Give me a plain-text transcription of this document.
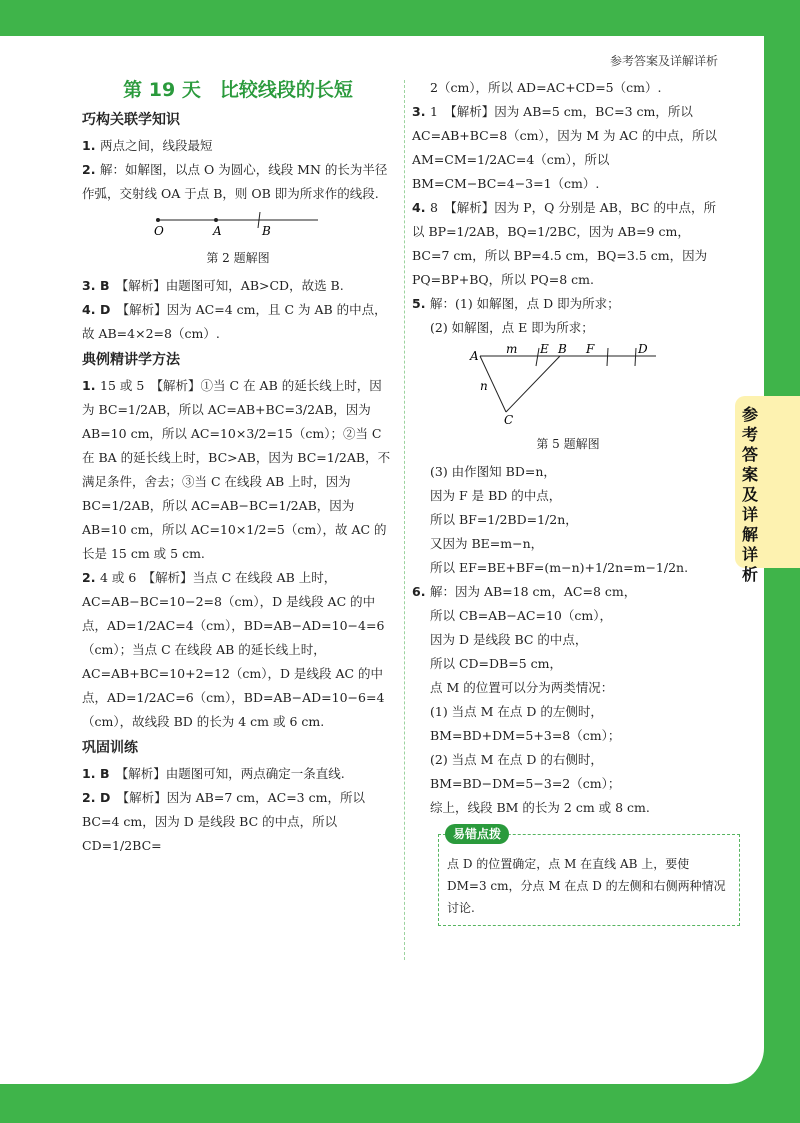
参考答案及详解详析
参考答案及详解详析
第 19 天　比较线段的长短
巧构关联学知识

1. 两点之间，线段最短

2. 解：如解图，以点 O 为圆心，线段 MN 的长为半径作弧，交射线 OA 于点 B，则 OB 即为所求作的线段.

O	A	B
第 2 题解图

3. B　 【解析】由题图可知，AB>CD，故选 B.

4. D　 【解析】因为 AC=4 cm，且 C 为 AB 的中点，故 AB=4×2=8（cm）.

典例精讲学方法

1. 15 或 5　【解析】①当 C 在 AB 的延长线上时，因为 BC=1/2AB，所以 AC=AB+BC=3/2AB，因为 AB=10 cm，所以 AC=10×3/2=15（cm）；②当 C 在 BA 的延长线上时，BC>AB，因为 BC=1/2AB，不满足条件，舍去；③当 C 在线段 AB 上时，因为 BC=1/2AB，所以 AC=AB−BC=1/2AB，因为 AB=10 cm，所以 AC=10×1/2=5（cm），故 AC 的长是 15 cm 或 5 cm.

2. 4 或 6　【解析】当点 C 在线段 AB 上时，AC=AB−BC=10−2=8（cm），D 是线段 AC 的中点，AD=1/2AC=4（cm），BD=AB−AD=10−4=6（cm）；当点 C 在线段 AB 的延长线上时，AC=AB+BC=10+2=12（cm），D 是线段 AC 的中点，AD=1/2AC=6（cm），BD=AB−AD=10−6=4（cm），故线段 BD 的长为 4 cm 或 6 cm.

巩固训练

1. B　 【解析】由题图可知，两点确定一条直线.

2. D　 【解析】因为 AB=7 cm，AC=3 cm，所以 BC=4 cm，因为 D 是线段 BC 的中点，所以 CD=1/2BC=

2（cm），所以 AD=AC+CD=5（cm）.

3. 1　【解析】因为 AB=5 cm，BC=3 cm，所以 AC=AB+BC=8（cm），因为 M 为 AC 的中点，所以 AM=CM=1/2AC=4（cm），所以 BM=CM−BC=4−3=1（cm）.

4. 8　【解析】因为 P，Q 分别是 AB，BC 的中点，所以 BP=1/2AB，BQ=1/2BC，因为 AB=9 cm，BC=7 cm，所以 BP=4.5 cm，BQ=3.5 cm，因为 PQ=BP+BQ，所以 PQ=8 cm.

5. 解：(1) 如解图，点 D 即为所求；

(2) 如解图，点 E 即为所求；

A m E B F	D
n
C
第 5 题解图

(3) 由作图知 BD=n，

因为 F 是 BD 的中点，

所以 BF=1/2BD=1/2n，

又因为 BE=m−n，

所以 EF=BE+BF=(m−n)+1/2n=m−1/2n.

6. 解：因为 AB=18 cm，AC=8 cm，

所以 CB=AB−AC=10（cm），

因为 D 是线段 BC 的中点，

所以 CD=DB=5 cm，

点 M 的位置可以分为两类情况：

(1) 当点 M 在点 D 的左侧时，

BM=BD+DM=5+3=8（cm）；

(2) 当点 M 在点 D 的右侧时，

BM=BD−DM=5−3=2（cm）；

综上，线段 BM 的长为 2 cm 或 8 cm.

易错点拨
点 D 的位置确定，点 M 在直线 AB 上，要使 DM=3 cm，分点 M 在点 D 的左侧和右侧两种情况讨论.
